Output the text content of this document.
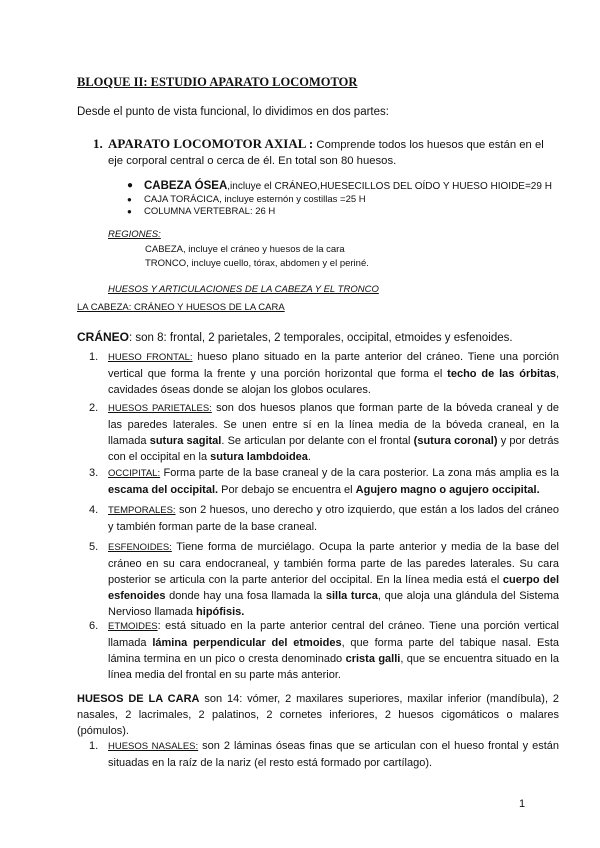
BLOQUE II: ESTUDIO APARATO LOCOMOTOR
Desde el punto de vista funcional, lo dividimos en dos partes:
1. APARATO LOCOMOTOR AXIAL : Comprende todos los huesos que están en el eje corporal central o cerca de él. En total son 80 huesos.
● CABEZA ÓSEA,incluye el CRÁNEO,HUESECILLOS DEL OÍDO Y HUESO HIOIDE=29 H
● CAJA TORÁCICA, incluye esternón y costillas =25 H
● COLUMNA VERTEBRAL: 26 H
REGIONES:
CABEZA, incluye el cráneo y huesos de la cara
TRONCO, incluye cuello, tórax, abdomen y el periné.
HUESOS Y ARTICULACIONES DE LA CABEZA Y EL TRONCO
LA CABEZA: CRÁNEO Y HUESOS DE LA CARA
CRÁNEO: son 8: frontal, 2 parietales, 2 temporales, occipital, etmoides y esfenoides.
1. HUESO FRONTAL: hueso plano situado en la parte anterior del cráneo. Tiene una porción vertical que forma la frente y una porción horizontal que forma el techo de las órbitas, cavidades óseas donde se alojan los globos oculares.
2. HUESOS PARIETALES: son dos huesos planos que forman parte de la bóveda craneal y de las paredes laterales. Se unen entre sí en la línea media de la bóveda craneal, en la llamada sutura sagital. Se articulan por delante con el frontal (sutura coronal) y por detrás con el occipital en la sutura lambdoidea.
3. OCCIPITAL: Forma parte de la base craneal y de la cara posterior. La zona más amplia es la escama del occipital. Por debajo se encuentra el Agujero magno o agujero occipital.
4. TEMPORALES: son 2 huesos, uno derecho y otro izquierdo, que están a los lados del cráneo y también forman parte de la base craneal.
5. ESFENOIDES: Tiene forma de murciélago. Ocupa la parte anterior y media de la base del cráneo en su cara endocraneal, y también forma parte de las paredes laterales. Su cara posterior se articula con la parte anterior del occipital. En la línea media está el cuerpo del esfenoides donde hay una fosa llamada la silla turca, que aloja una glándula del Sistema Nervioso llamada hipófisis.
6. ETMOIDES: está situado en la parte anterior central del cráneo. Tiene una porción vertical llamada lámina perpendicular del etmoides, que forma parte del tabique nasal. Esta lámina termina en un pico o cresta denominado crista galli, que se encuentra situado en la línea media del frontal en su parte más anterior.
HUESOS DE LA CARA son 14: vómer, 2 maxilares superiores, maxilar inferior (mandíbula), 2 nasales, 2 lacrimales, 2 palatinos, 2 cornetes inferiores, 2 huesos cigomáticos o malares (pómulos).
1. HUESOS NASALES: son 2 láminas óseas finas que se articulan con el hueso frontal y están situadas en la raíz de la nariz (el resto está formado por cartílago).
1
